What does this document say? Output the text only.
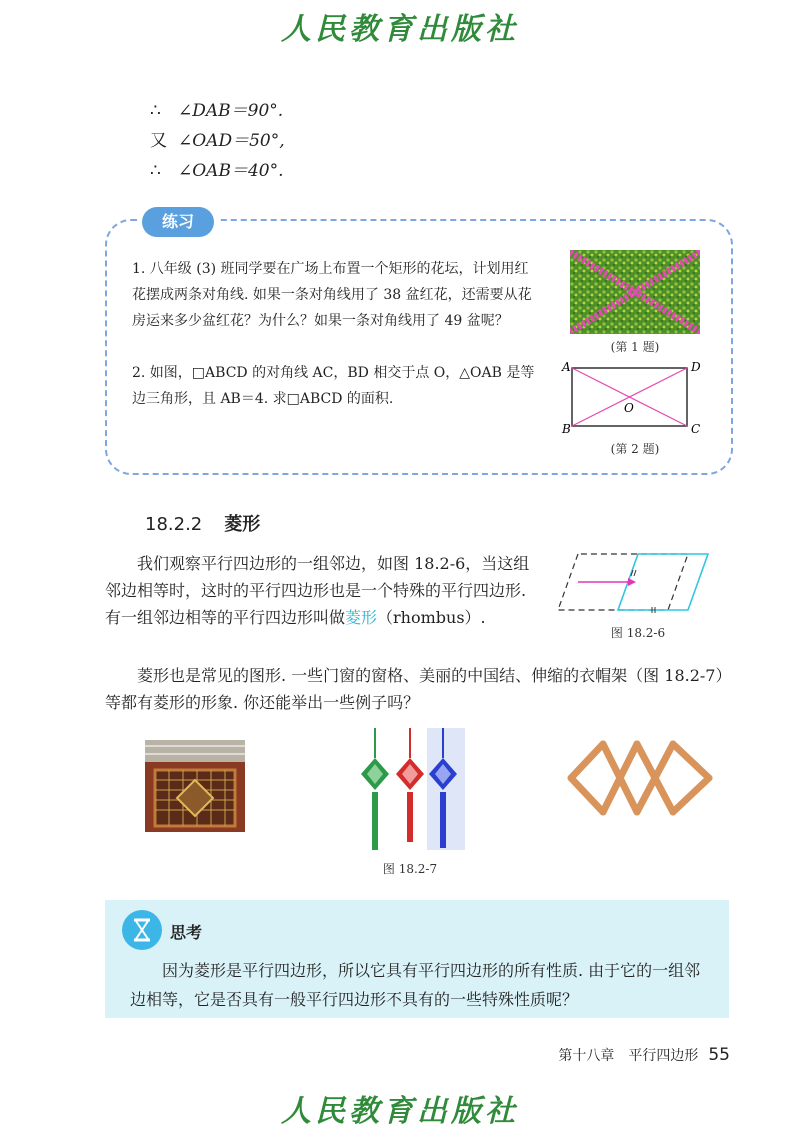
人民教育出版社
∴ ∠DAB＝90°.
又 ∠OAD＝50°,
∴ ∠OAB＝40°.
练习
1. 八年级 (3) 班同学要在广场上布置一个矩形的花坛，计划用红花摆成两条对角线. 如果一条对角线用了 38 盆红花，还需要从花房运来多少盆红花？为什么？如果一条对角线用了 49 盆呢？
2. 如图，□ABCD 的对角线 AC，BD 相交于点 O，△OAB 是等边三角形，且 AB＝4. 求□ABCD 的面积.
(第 1 题)
A	D
B	C
O
(第 2 题)
18.2.2 菱形
我们观察平行四边形的一组邻边，如图 18.2-6，当这组邻边相等时，这时的平行四边形也是一个特殊的平行四边形. 有一组邻边相等的平行四边形叫做菱形（rhombus）.
图 18.2-6
菱形也是常见的图形. 一些门窗的窗格、美丽的中国结、伸缩的衣帽架（图 18.2-7）等都有菱形的形象. 你还能举出一些例子吗？
图 18.2-7
思考
因为菱形是平行四边形，所以它具有平行四边形的所有性质. 由于它的一组邻边相等，它是否具有一般平行四边形不具有的一些特殊性质呢？
第十八章　平行四边形 55
人民教育出版社
